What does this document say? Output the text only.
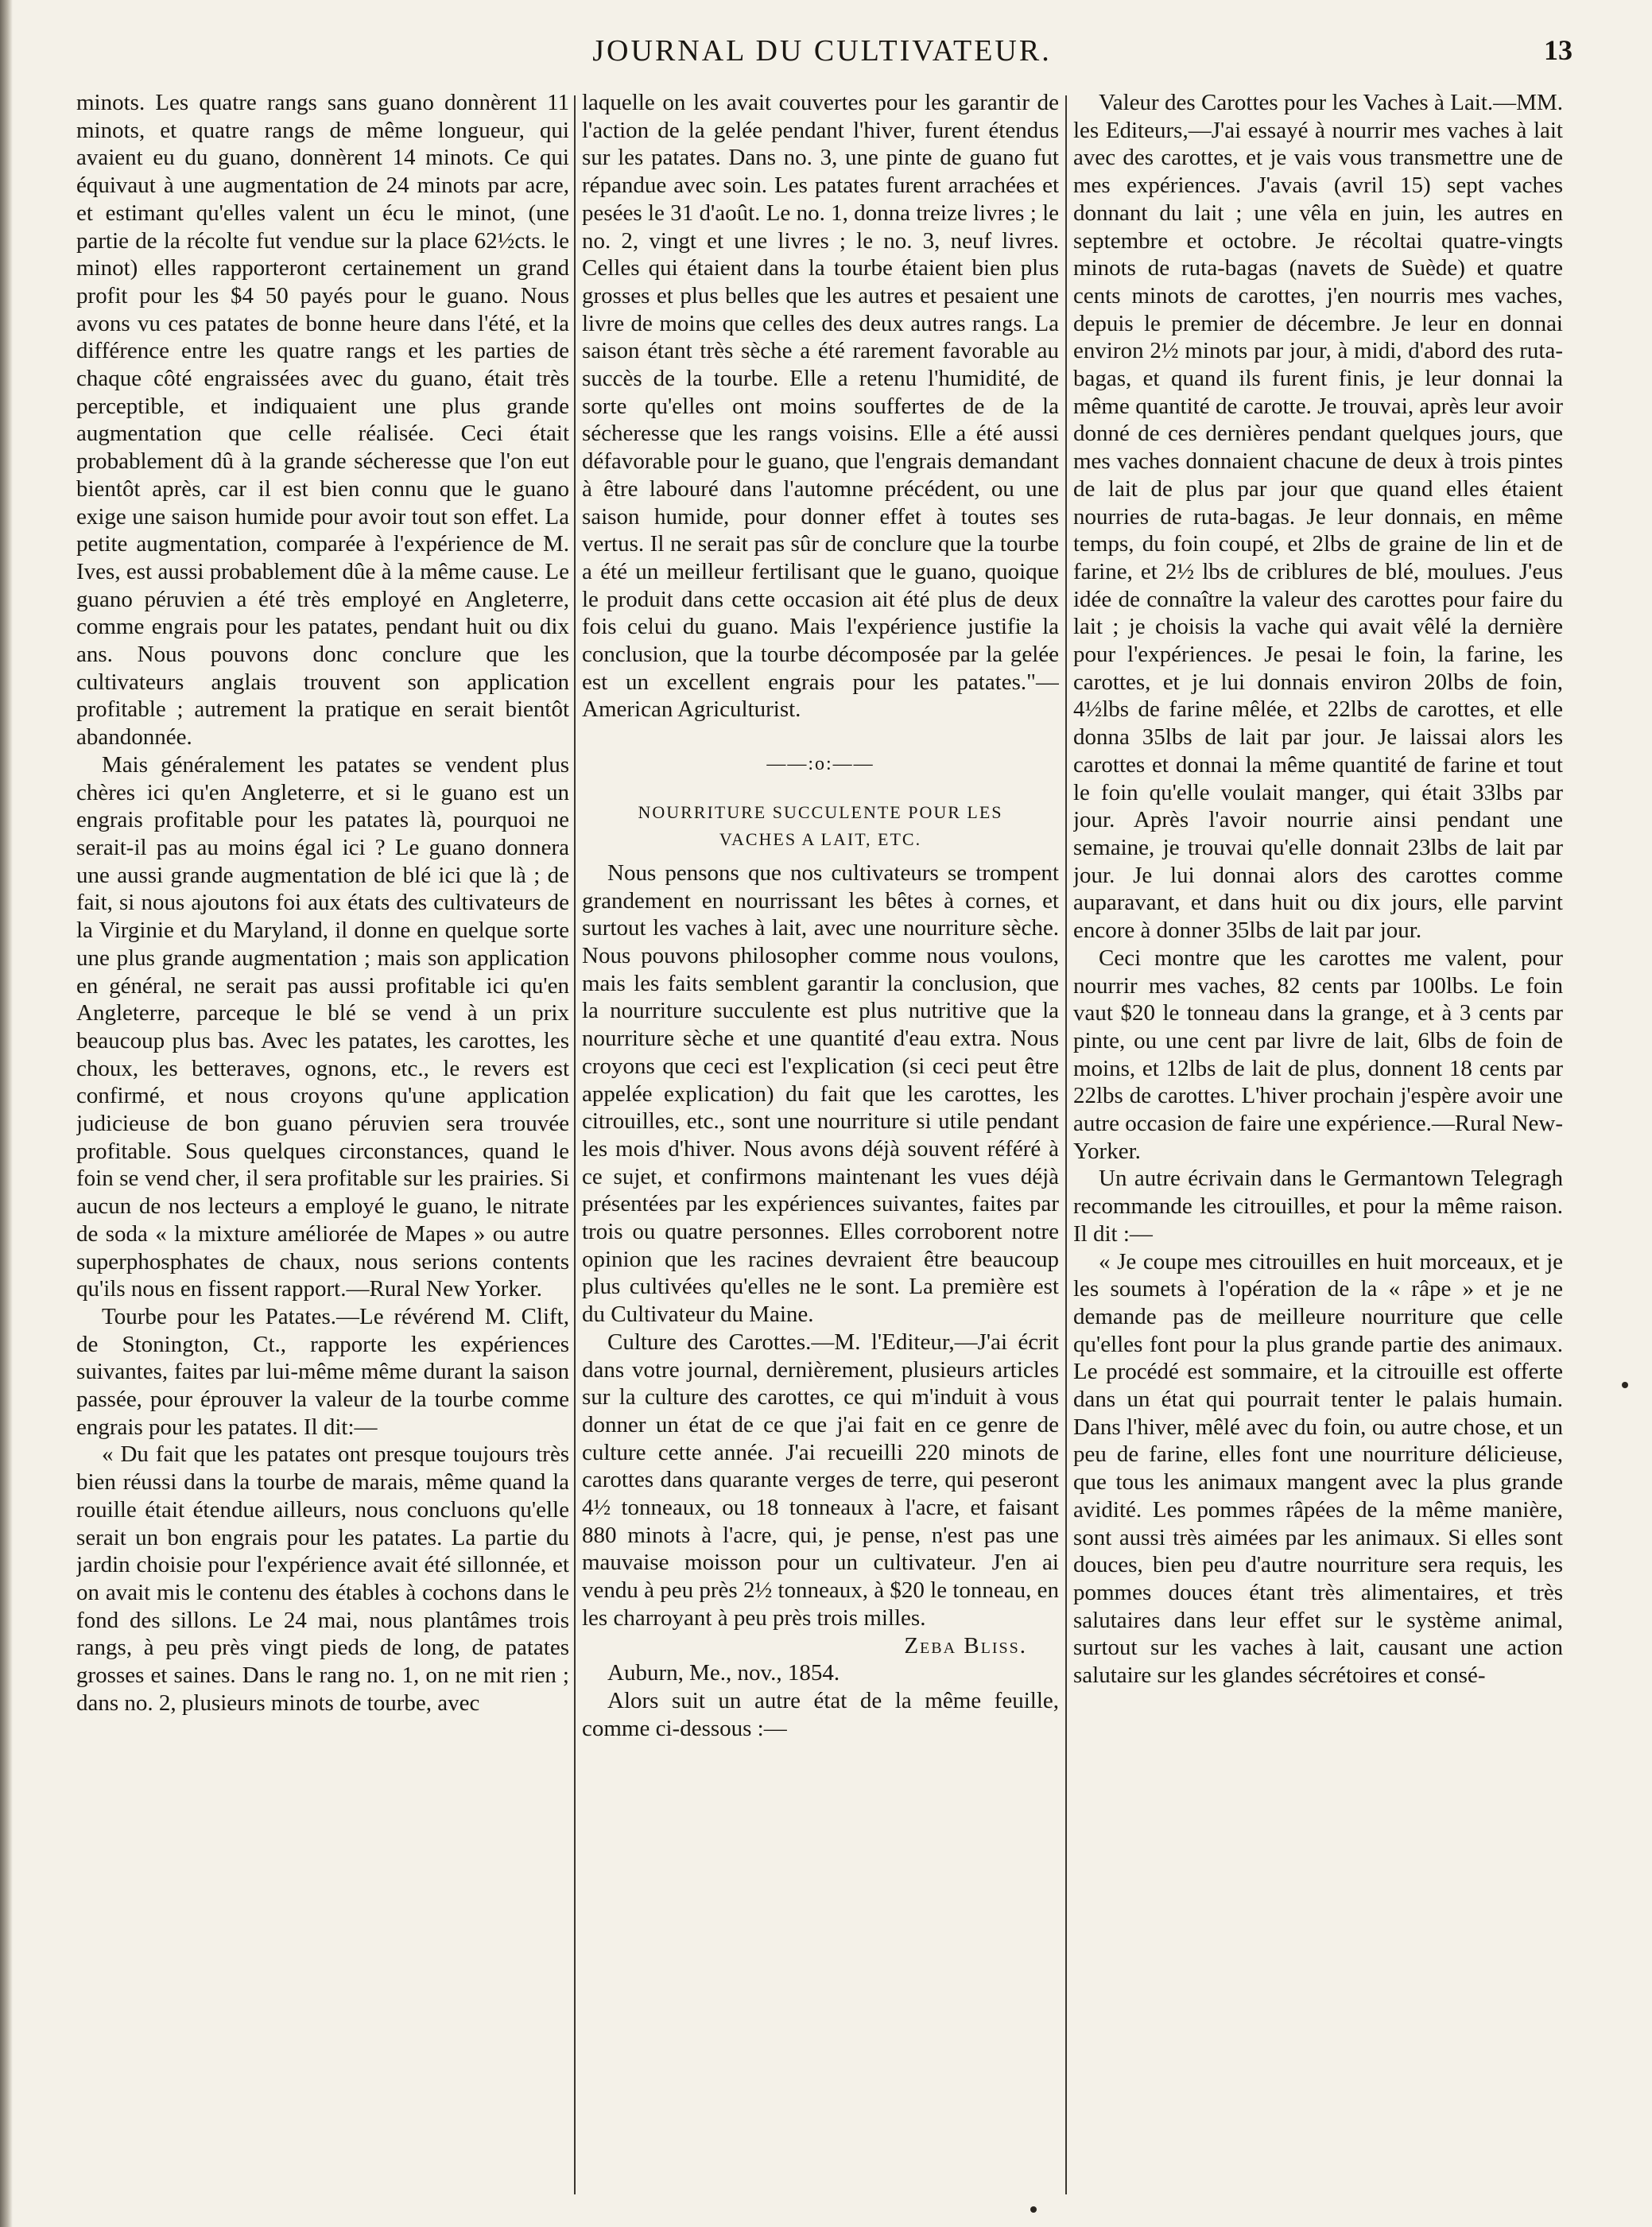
JOURNAL DU CULTIVATEUR.	13

minots. Les quatre rangs sans guano donnèrent 11 minots, et quatre rangs de même longueur, qui avaient eu du guano, donnèrent 14 minots. Ce qui équivaut à une augmentation de 24 minots par acre, et estimant qu'elles valent un écu le minot, (une partie de la récolte fut vendue sur la place 62½cts. le minot) elles rapporteront certainement un grand profit pour les $4 50 payés pour le guano. Nous avons vu ces patates de bonne heure dans l'été, et la différence entre les quatre rangs et les parties de chaque côté engraissées avec du guano, était très perceptible, et indiquaient une plus grande augmentation que celle réalisée. Ceci était probablement dû à la grande sécheresse que l'on eut bientôt après, car il est bien connu que le guano exige une saison humide pour avoir tout son effet. La petite augmentation, comparée à l'expérience de M. Ives, est aussi probablement dûe à la même cause. Le guano péruvien a été très employé en Angleterre, comme engrais pour les patates, pendant huit ou dix ans. Nous pouvons donc conclure que les cultivateurs anglais trouvent son application profitable ; autrement la pratique en serait bientôt abandonnée.

Mais généralement les patates se vendent plus chères ici qu'en Angleterre, et si le guano est un engrais profitable pour les patates là, pourquoi ne serait-il pas au moins égal ici ? Le guano donnera une aussi grande augmentation de blé ici que là ; de fait, si nous ajoutons foi aux états des cultivateurs de la Virginie et du Maryland, il donne en quelque sorte une plus grande augmentation ; mais son application en général, ne serait pas aussi profitable ici qu'en Angleterre, parceque le blé se vend à un prix beaucoup plus bas. Avec les patates, les carottes, les choux, les betteraves, ognons, etc., le revers est confirmé, et nous croyons qu'une application judicieuse de bon guano péruvien sera trouvée profitable. Sous quelques circonstances, quand le foin se vend cher, il sera profitable sur les prairies. Si aucun de nos lecteurs a employé le guano, le nitrate de soda « la mixture améliorée de Mapes » ou autre superphosphates de chaux, nous serions contents qu'ils nous en fissent rapport.—Rural New Yorker.

Tourbe pour les Patates.—Le révérend M. Clift, de Stonington, Ct., rapporte les expériences suivantes, faites par lui-même même durant la saison passée, pour éprouver la valeur de la tourbe comme engrais pour les patates. Il dit:—

« Du fait que les patates ont presque toujours très bien réussi dans la tourbe de marais, même quand la rouille était étendue ailleurs, nous concluons qu'elle serait un bon engrais pour les patates. La partie du jardin choisie pour l'expérience avait été sillonnée, et on avait mis le contenu des étables à cochons dans le fond des sillons. Le 24 mai, nous plantâmes trois rangs, à peu près vingt pieds de long, de patates grosses et saines. Dans le rang no. 1, on ne mit rien ; dans no. 2, plusieurs minots de tourbe, avec

laquelle on les avait couvertes pour les garantir de l'action de la gelée pendant l'hiver, furent étendus sur les patates. Dans no. 3, une pinte de guano fut répandue avec soin. Les patates furent arrachées et pesées le 31 d'août. Le no. 1, donna treize livres ; le no. 2, vingt et une livres ; le no. 3, neuf livres. Celles qui étaient dans la tourbe étaient bien plus grosses et plus belles que les autres et pesaient une livre de moins que celles des deux autres rangs. La saison étant très sèche a été rarement favorable au succès de la tourbe. Elle a retenu l'humidité, de sorte qu'elles ont moins souffertes de de la sécheresse que les rangs voisins. Elle a été aussi défavorable pour le guano, que l'engrais demandant à être labouré dans l'automne précédent, ou une saison humide, pour donner effet à toutes ses vertus. Il ne serait pas sûr de conclure que la tourbe a été un meilleur fertilisant que le guano, quoique le produit dans cette occasion ait été plus de deux fois celui du guano. Mais l'expérience justifie la conclusion, que la tourbe décomposée par la gelée est un excellent engrais pour les patates."—American Agriculturist.

——:o:——
NOURRITURE SUCCULENTE POUR LES
VACHES A LAIT, ETC.

Nous pensons que nos cultivateurs se trompent grandement en nourrissant les bêtes à cornes, et surtout les vaches à lait, avec une nourriture sèche. Nous pouvons philosopher comme nous voulons, mais les faits semblent garantir la conclusion, que la nourriture succulente est plus nutritive que la nourriture sèche et une quantité d'eau extra. Nous croyons que ceci est l'explication (si ceci peut être appelée explication) du fait que les carottes, les citrouilles, etc., sont une nourriture si utile pendant les mois d'hiver. Nous avons déjà souvent référé à ce sujet, et confirmons maintenant les vues déjà présentées par les expériences suivantes, faites par trois ou quatre personnes. Elles corroborent notre opinion que les racines devraient être beaucoup plus cultivées qu'elles ne le sont. La première est du Cultivateur du Maine.

Culture des Carottes.—M. l'Editeur,—J'ai écrit dans votre journal, dernièrement, plusieurs articles sur la culture des carottes, ce qui m'induit à vous donner un état de ce que j'ai fait en ce genre de culture cette année. J'ai recueilli 220 minots de carottes dans quarante verges de terre, qui peseront 4½ tonneaux, ou 18 tonneaux à l'acre, et faisant 880 minots à l'acre, qui, je pense, n'est pas une mauvaise moisson pour un cultivateur. J'en ai vendu à peu près 2½ tonneaux, à $20 le tonneau, en les charroyant à peu près trois milles.

Zeba Bliss.

Auburn, Me., nov., 1854.

Alors suit un autre état de la même feuille, comme ci-dessous :—

Valeur des Carottes pour les Vaches à Lait.—MM. les Editeurs,—J'ai essayé à nourrir mes vaches à lait avec des carottes, et je vais vous transmettre une de mes expériences. J'avais (avril 15) sept vaches donnant du lait ; une vêla en juin, les autres en septembre et octobre. Je récoltai quatre-vingts minots de ruta-bagas (navets de Suède) et quatre cents minots de carottes, j'en nourris mes vaches, depuis le premier de décembre. Je leur en donnai environ 2½ minots par jour, à midi, d'abord des ruta-bagas, et quand ils furent finis, je leur donnai la même quantité de carotte. Je trouvai, après leur avoir donné de ces dernières pendant quelques jours, que mes vaches donnaient chacune de deux à trois pintes de lait de plus par jour que quand elles étaient nourries de ruta-bagas. Je leur donnais, en même temps, du foin coupé, et 2lbs de graine de lin et de farine, et 2½ lbs de criblures de blé, moulues. J'eus idée de connaître la valeur des carottes pour faire du lait ; je choisis la vache qui avait vêlé la dernière pour l'expériences. Je pesai le foin, la farine, les carottes, et je lui donnais environ 20lbs de foin, 4½lbs de farine mêlée, et 22lbs de carottes, et elle donna 35lbs de lait par jour. Je laissai alors les carottes et donnai la même quantité de farine et tout le foin qu'elle voulait manger, qui était 33lbs par jour. Après l'avoir nourrie ainsi pendant une semaine, je trouvai qu'elle donnait 23lbs de lait par jour. Je lui donnai alors des carottes comme auparavant, et dans huit ou dix jours, elle parvint encore à donner 35lbs de lait par jour.

Ceci montre que les carottes me valent, pour nourrir mes vaches, 82 cents par 100lbs. Le foin vaut $20 le tonneau dans la grange, et à 3 cents par pinte, ou une cent par livre de lait, 6lbs de foin de moins, et 12lbs de lait de plus, donnent 18 cents par 22lbs de carottes. L'hiver prochain j'espère avoir une autre occasion de faire une expérience.—Rural New-Yorker.

Un autre écrivain dans le Germantown Telegragh recommande les citrouilles, et pour la même raison. Il dit :—

« Je coupe mes citrouilles en huit morceaux, et je les soumets à l'opération de la « râpe » et je ne demande pas de meilleure nourriture que celle qu'elles font pour la plus grande partie des animaux. Le procédé est sommaire, et la citrouille est offerte dans un état qui pourrait tenter le palais humain. Dans l'hiver, mêlé avec du foin, ou autre chose, et un peu de farine, elles font une nourriture délicieuse, que tous les animaux mangent avec la plus grande avidité. Les pommes râpées de la même manière, sont aussi très aimées par les animaux. Si elles sont douces, bien peu d'autre nourriture sera requis, les pommes douces étant très alimentaires, et très salutaires dans leur effet sur le système animal, surtout sur les vaches à lait, causant une action salutaire sur les glandes sécrétoires et consé-
